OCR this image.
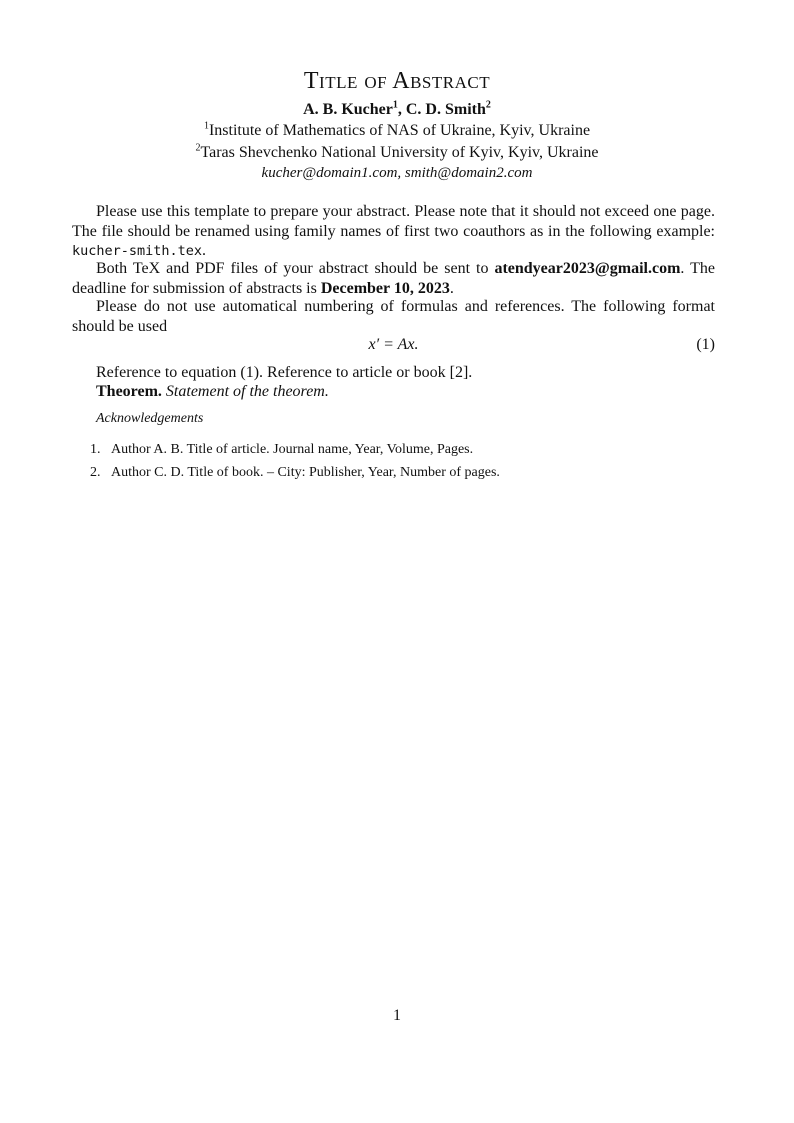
Title of Abstract
A. B. Kucher$^1$, C. D. Smith$^2$
$^1$Institute of Mathematics of NAS of Ukraine, Kyiv, Ukraine
$^2$Taras Shevchenko National University of Kyiv, Kyiv, Ukraine
kucher@domain1.com, smith@domain2.com

Please use this template to prepare your abstract. Please note that it should not exceed one page. The file should be renamed using family names of first two coauthors as in the following example: kucher-smith.tex.

Both TeX and PDF files of your abstract should be sent to atendyear2023@gmail.com. The deadline for submission of abstracts is December 10, 2023.

Please do not use automatical numbering of formulas and references. The following format should be used

x′ = Ax.	(1)
Reference to equation (1). Reference to article or book [2].
Theorem. Statement of the theorem.
Acknowledgements
1. Author A. B. Title of article. Journal name, Year, Volume, Pages.
2. Author C. D. Title of book. – City: Publisher, Year, Number of pages.
1
